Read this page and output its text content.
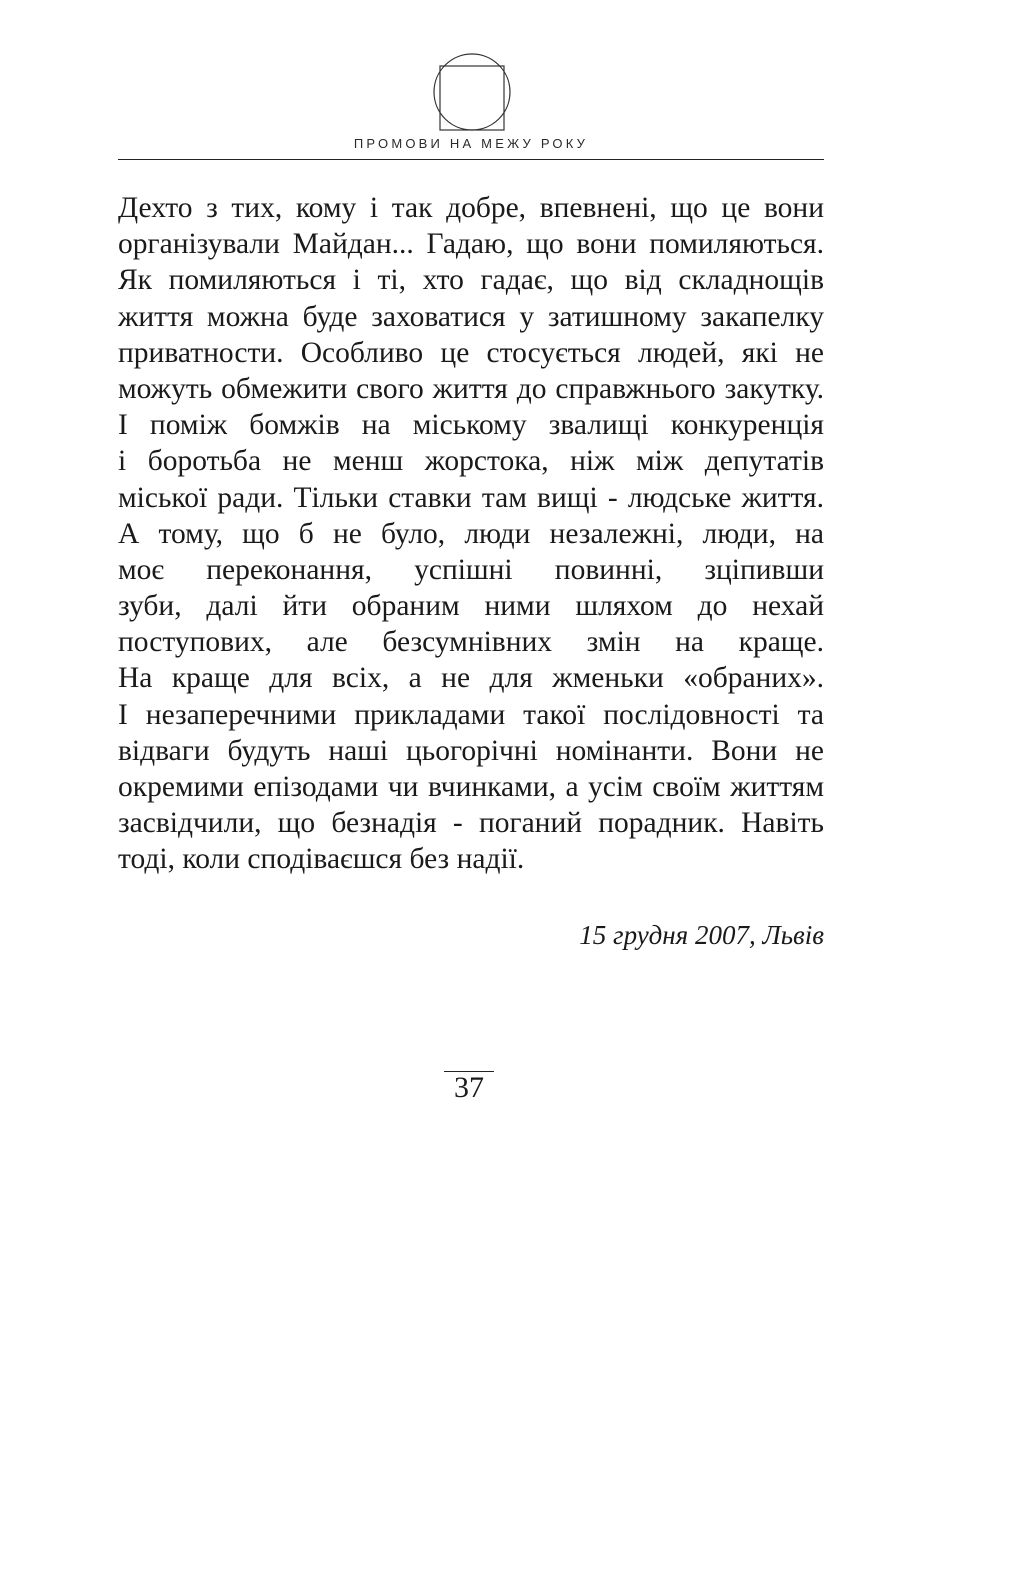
ПРОМОВИ НА МЕЖУ РОКУ
Дехто з тих, кому і так добре, впевнені, що це вони
організували Майдан... Гадаю, що вони помиляються.
Як помиляються і ті, хто гадає, що від складнощів
життя можна буде заховатися у затишному закапелку
приватности. Особливо це стосується людей, які не
можуть обмежити свого життя до справжнього закутку.
І поміж бомжів на міському звалищі конкуренція
і боротьба не менш жорстока, ніж між депутатів
міської ради. Тільки ставки там вищі - людське життя.
А тому, що б не було, люди незалежні, люди, на
моє переконання, успішні повинні, зціпивши
зуби, далі йти обраним ними шляхом до нехай
поступових, але безсумнівних змін на краще.
На краще для всіх, а не для жменьки «обраних».
І незаперечними прикладами такої послідовності та
відваги будуть наші цьогорічні номінанти. Вони не
окремими епізодами чи вчинками, а усім своїм життям
засвідчили, що безнадія - поганий порадник. Навіть
тоді, коли сподіваєшся без надії.
15 грудня 2007, Львів
37
